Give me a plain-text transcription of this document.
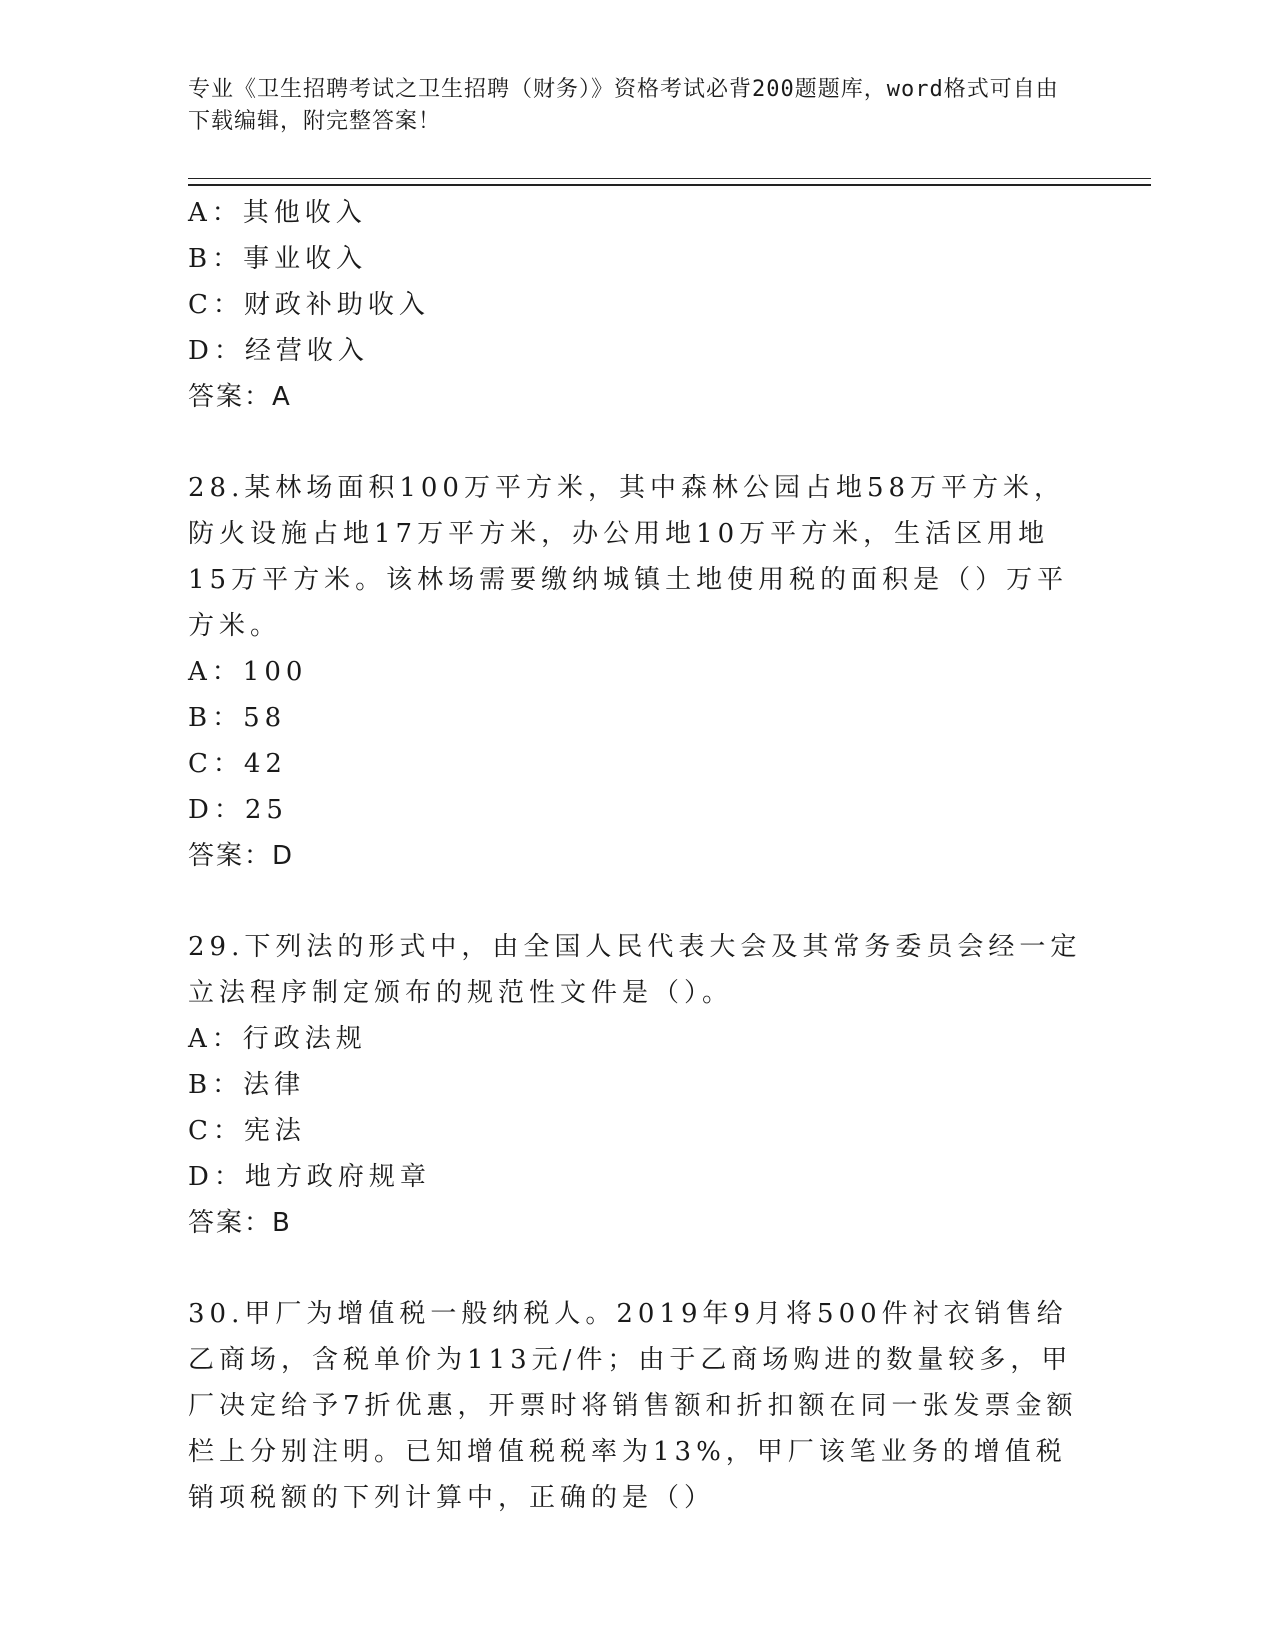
专业《卫生招聘考试之卫生招聘（财务）》资格考试必背200题题库，word格式可自由下载编辑，附完整答案！
A：其他收入
B：事业收入
C：财政补助收入
D：经营收入
答案：A
28.某林场面积100万平方米，其中森林公园占地58万平方米，防火设施占地17万平方米，办公用地10万平方米，生活区用地15万平方米。该林场需要缴纳城镇土地使用税的面积是（）万平方米。
A：100
B：58
C：42
D：25
答案：D
29.下列法的形式中，由全国人民代表大会及其常务委员会经一定立法程序制定颁布的规范性文件是（）。
A：行政法规
B：法律
C：宪法
D：地方政府规章
答案：B
30.甲厂为增值税一般纳税人。2019年9月将500件衬衣销售给乙商场，含税单价为113元/件；由于乙商场购进的数量较多，甲厂决定给予7折优惠，开票时将销售额和折扣额在同一张发票金额栏上分别注明。已知增值税税率为13%，甲厂该笔业务的增值税销项税额的下列计算中，正确的是（）
